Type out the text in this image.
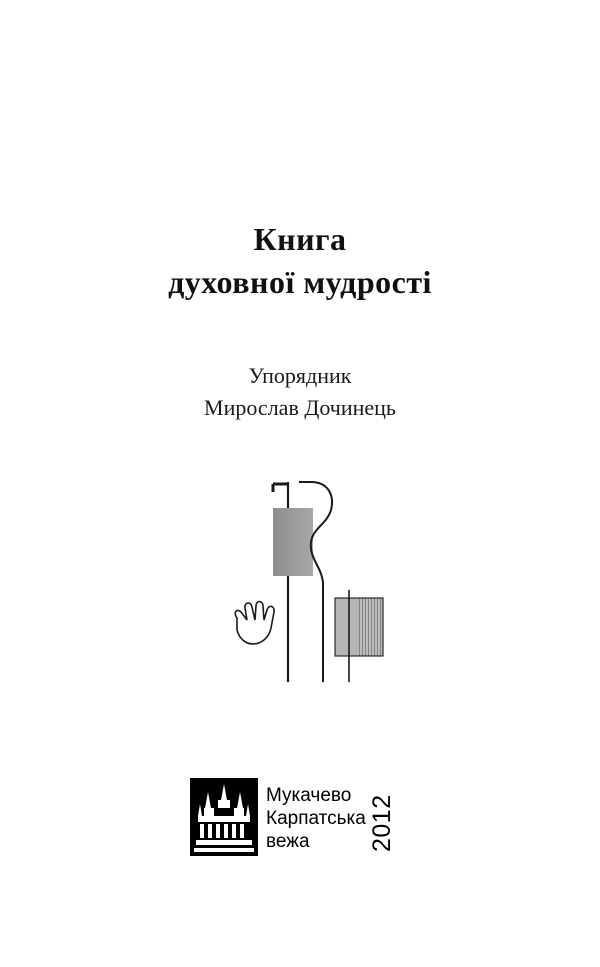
Книга
духовної мудрості
Упорядник
Мирослав Дочинець
Мукачево
Карпатська
вежа	2012
